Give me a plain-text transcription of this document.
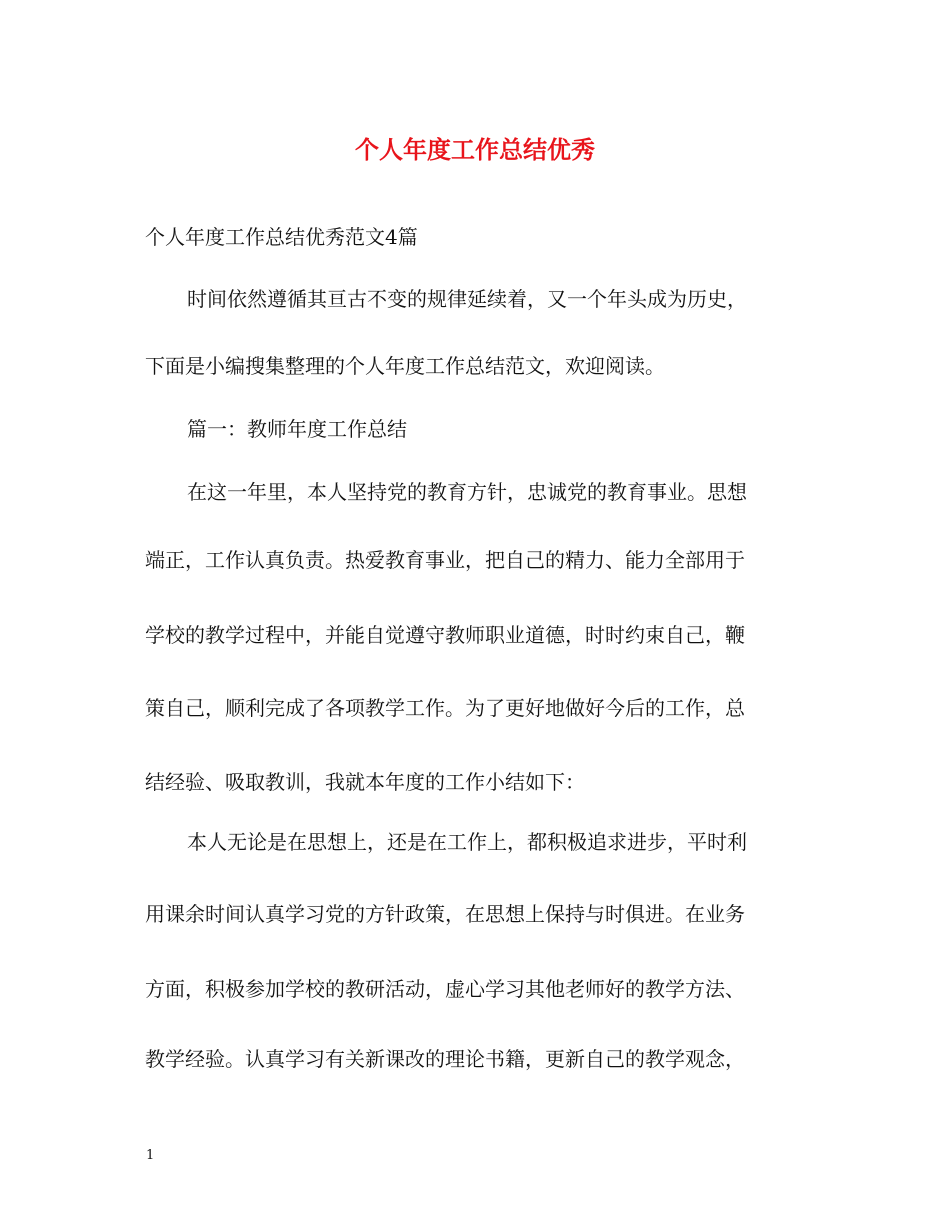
个人年度工作总结优秀
个人年度工作总结优秀范文4篇
时间依然遵循其亘古不变的规律延续着，又一个年头成为历史，
下面是小编搜集整理的个人年度工作总结范文，欢迎阅读。
篇一：教师年度工作总结
在这一年里，本人坚持党的教育方针，忠诚党的教育事业。思想
端正，工作认真负责。热爱教育事业，把自己的精力、能力全部用于
学校的教学过程中，并能自觉遵守教师职业道德，时时约束自己，鞭
策自己，顺利完成了各项教学工作。为了更好地做好今后的工作，总
结经验、吸取教训，我就本年度的工作小结如下：
本人无论是在思想上，还是在工作上，都积极追求进步，平时利
用课余时间认真学习党的方针政策，在思想上保持与时俱进。在业务
方面，积极参加学校的教研活动，虚心学习其他老师好的教学方法、
教学经验。认真学习有关新课改的理论书籍，更新自己的教学观念，
1
